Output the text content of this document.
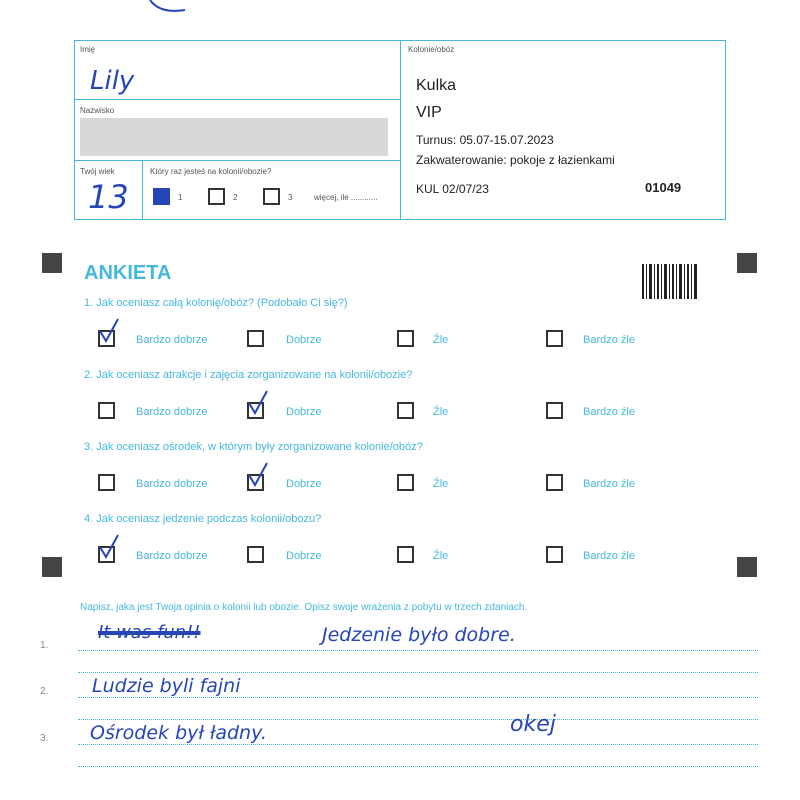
Imię
Lily
Nazwisko
Twój wiek
13
Który raz jesteś na kolonii/obozie?
1	2	3	więcej, ile ............
Kolonie/obóz
Kulka
VIP
Turnus: 05.07-15.07.2023
Zakwaterowanie: pokoje z łazienkami
KUL 02/07/23	01049
ANKIETA
1. Jak oceniasz całą kolonię/obóz? (Podobało Ci się?)
Bardzo dobrze	Dobrze	Źle	Bardzo źle
2. Jak oceniasz atrakcje i zajęcia zorganizowane na kolonii/obozie?
Bardzo dobrze	Dobrze	Źle	Bardzo źle
3. Jak oceniasz ośrodek, w którym były zorganizowane kolonie/obóz?
Bardzo dobrze	Dobrze	Źle	Bardzo źle
4. Jak oceniasz jedzenie podczas kolonii/obozu?
Bardzo dobrze	Dobrze	Źle	Bardzo źle
Napisz, jaka jest Twoja opinia o kolonii lub obozie. Opisz swoje wrażenia z pobytu w trzech zdaniach.
1.
2.
3.
It was fun!!	Jedzenie było dobre.
Ludzie byli fajni
Ośrodek był ładny.	okej
